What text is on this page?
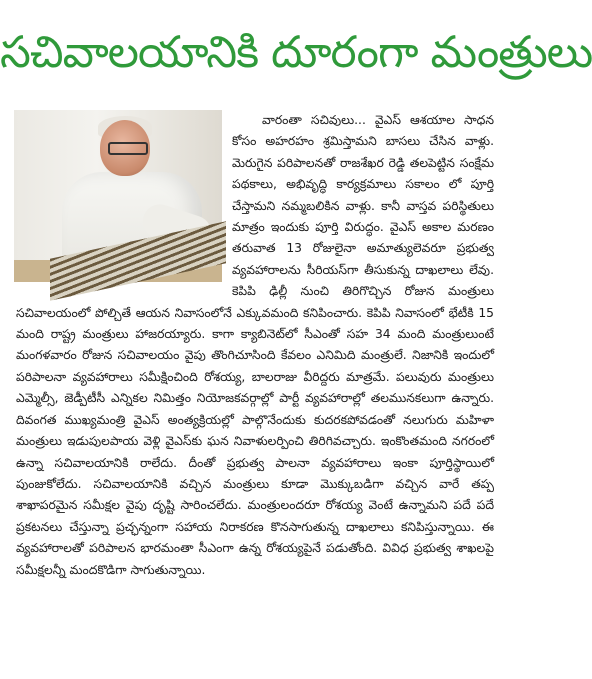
సచివాలయానికి దూరంగా మంత్రులు

వారంతా సచివులు... వైఎస్ ఆశయాల సాధన కోసం అహరహం శ్రమిస్తామని బాసలు చేసిన వాళ్లు. మెరుగైన పరిపాలనతో రాజశేఖర రెడ్డి తలపెట్టిన సంక్షేమ పథకాలు, అభివృద్ధి కార్యక్రమాలు సకాలం లో పూర్తి చేస్తామని నమ్మబలికిన వాళ్లు. కానీ వాస్తవ పరిస్థితులు మాత్రం ఇందుకు పూర్తి విరుద్ధం. వైఎస్ అకాల మరణం తరువాత 13 రోజులైనా అమాత్యులెవరూ ప్రభుత్వ వ్యవహారాలను సీరియస్‌గా తీసుకున్న దాఖలాలు లేవు. కెపిపి ఢిల్లీ నుంచి తిరిగొచ్చిన రోజున మంత్రులు సచివాలయంలో పోల్చితే ఆయన నివాసంలోనే ఎక్కువమంది కనిపించారు. కెపిపి నివాసంలో భేటీకి 15 మంది రాష్ట్ర మంత్రులు హాజరయ్యారు. కాగా క్యాబినెట్‌లో సీఎంతో సహ 34 మంది మంత్రులుంటే మంగళవారం రోజున సచివాలయం వైపు తొంగిచూసింది కేవలం ఎనిమిది మంత్రులే. నిజానికి ఇందులో పరిపాలనా వ్యవహారాలు సమీక్షించింది రోశయ్య, బాలరాజు వీరిద్దరు మాత్రమే. పలువురు మంత్రులు ఎమ్మెల్సీ, జెడ్పీటీసీ ఎన్నికల నిమిత్తం నియోజకవర్గాల్లో పార్టీ వ్యవహారాల్లో తలమునకలుగా ఉన్నారు. దివంగత ముఖ్యమంత్రి వైఎస్ అంత్యక్రియల్లో పాల్గొనేందుకు కుదరకపోవడంతో నలుగురు మహిళా మంత్రులు ఇడుపులపాయ వెళ్లి వైఎస్‌కు ఘన నివాళులర్పించి తిరిగివచ్చారు. ఇంకొంతమంది నగరంలో ఉన్నా సచివాలయానికి రాలేదు. దీంతో ప్రభుత్వ పాలనా వ్యవహారాలు ఇంకా పూర్తిస్థాయిలో పుంజుకోలేదు. సచివాలయానికి వచ్చిన మంత్రులు కూడా మొక్కుబడిగా వచ్చిన వారే తప్ప శాఖాపరమైన సమీక్షల వైపు దృష్టి సారించలేదు. మంత్రులందరూ రోశయ్య వెంటే ఉన్నామని పదే పదే ప్రకటనలు చేస్తున్నా ప్రచ్ఛన్నంగా సహాయ నిరాకరణ కొనసాగుతున్న దాఖలాలు కనిపిస్తున్నాయి. ఈ వ్యవహారాలతో పరిపాలన భారమంతా సీఎంగా ఉన్న రోశయ్యపైనే పడుతోంది. వివిధ ప్రభుత్వ శాఖలపై సమీక్షలన్నీ మందకొడిగా సాగుతున్నాయి.
